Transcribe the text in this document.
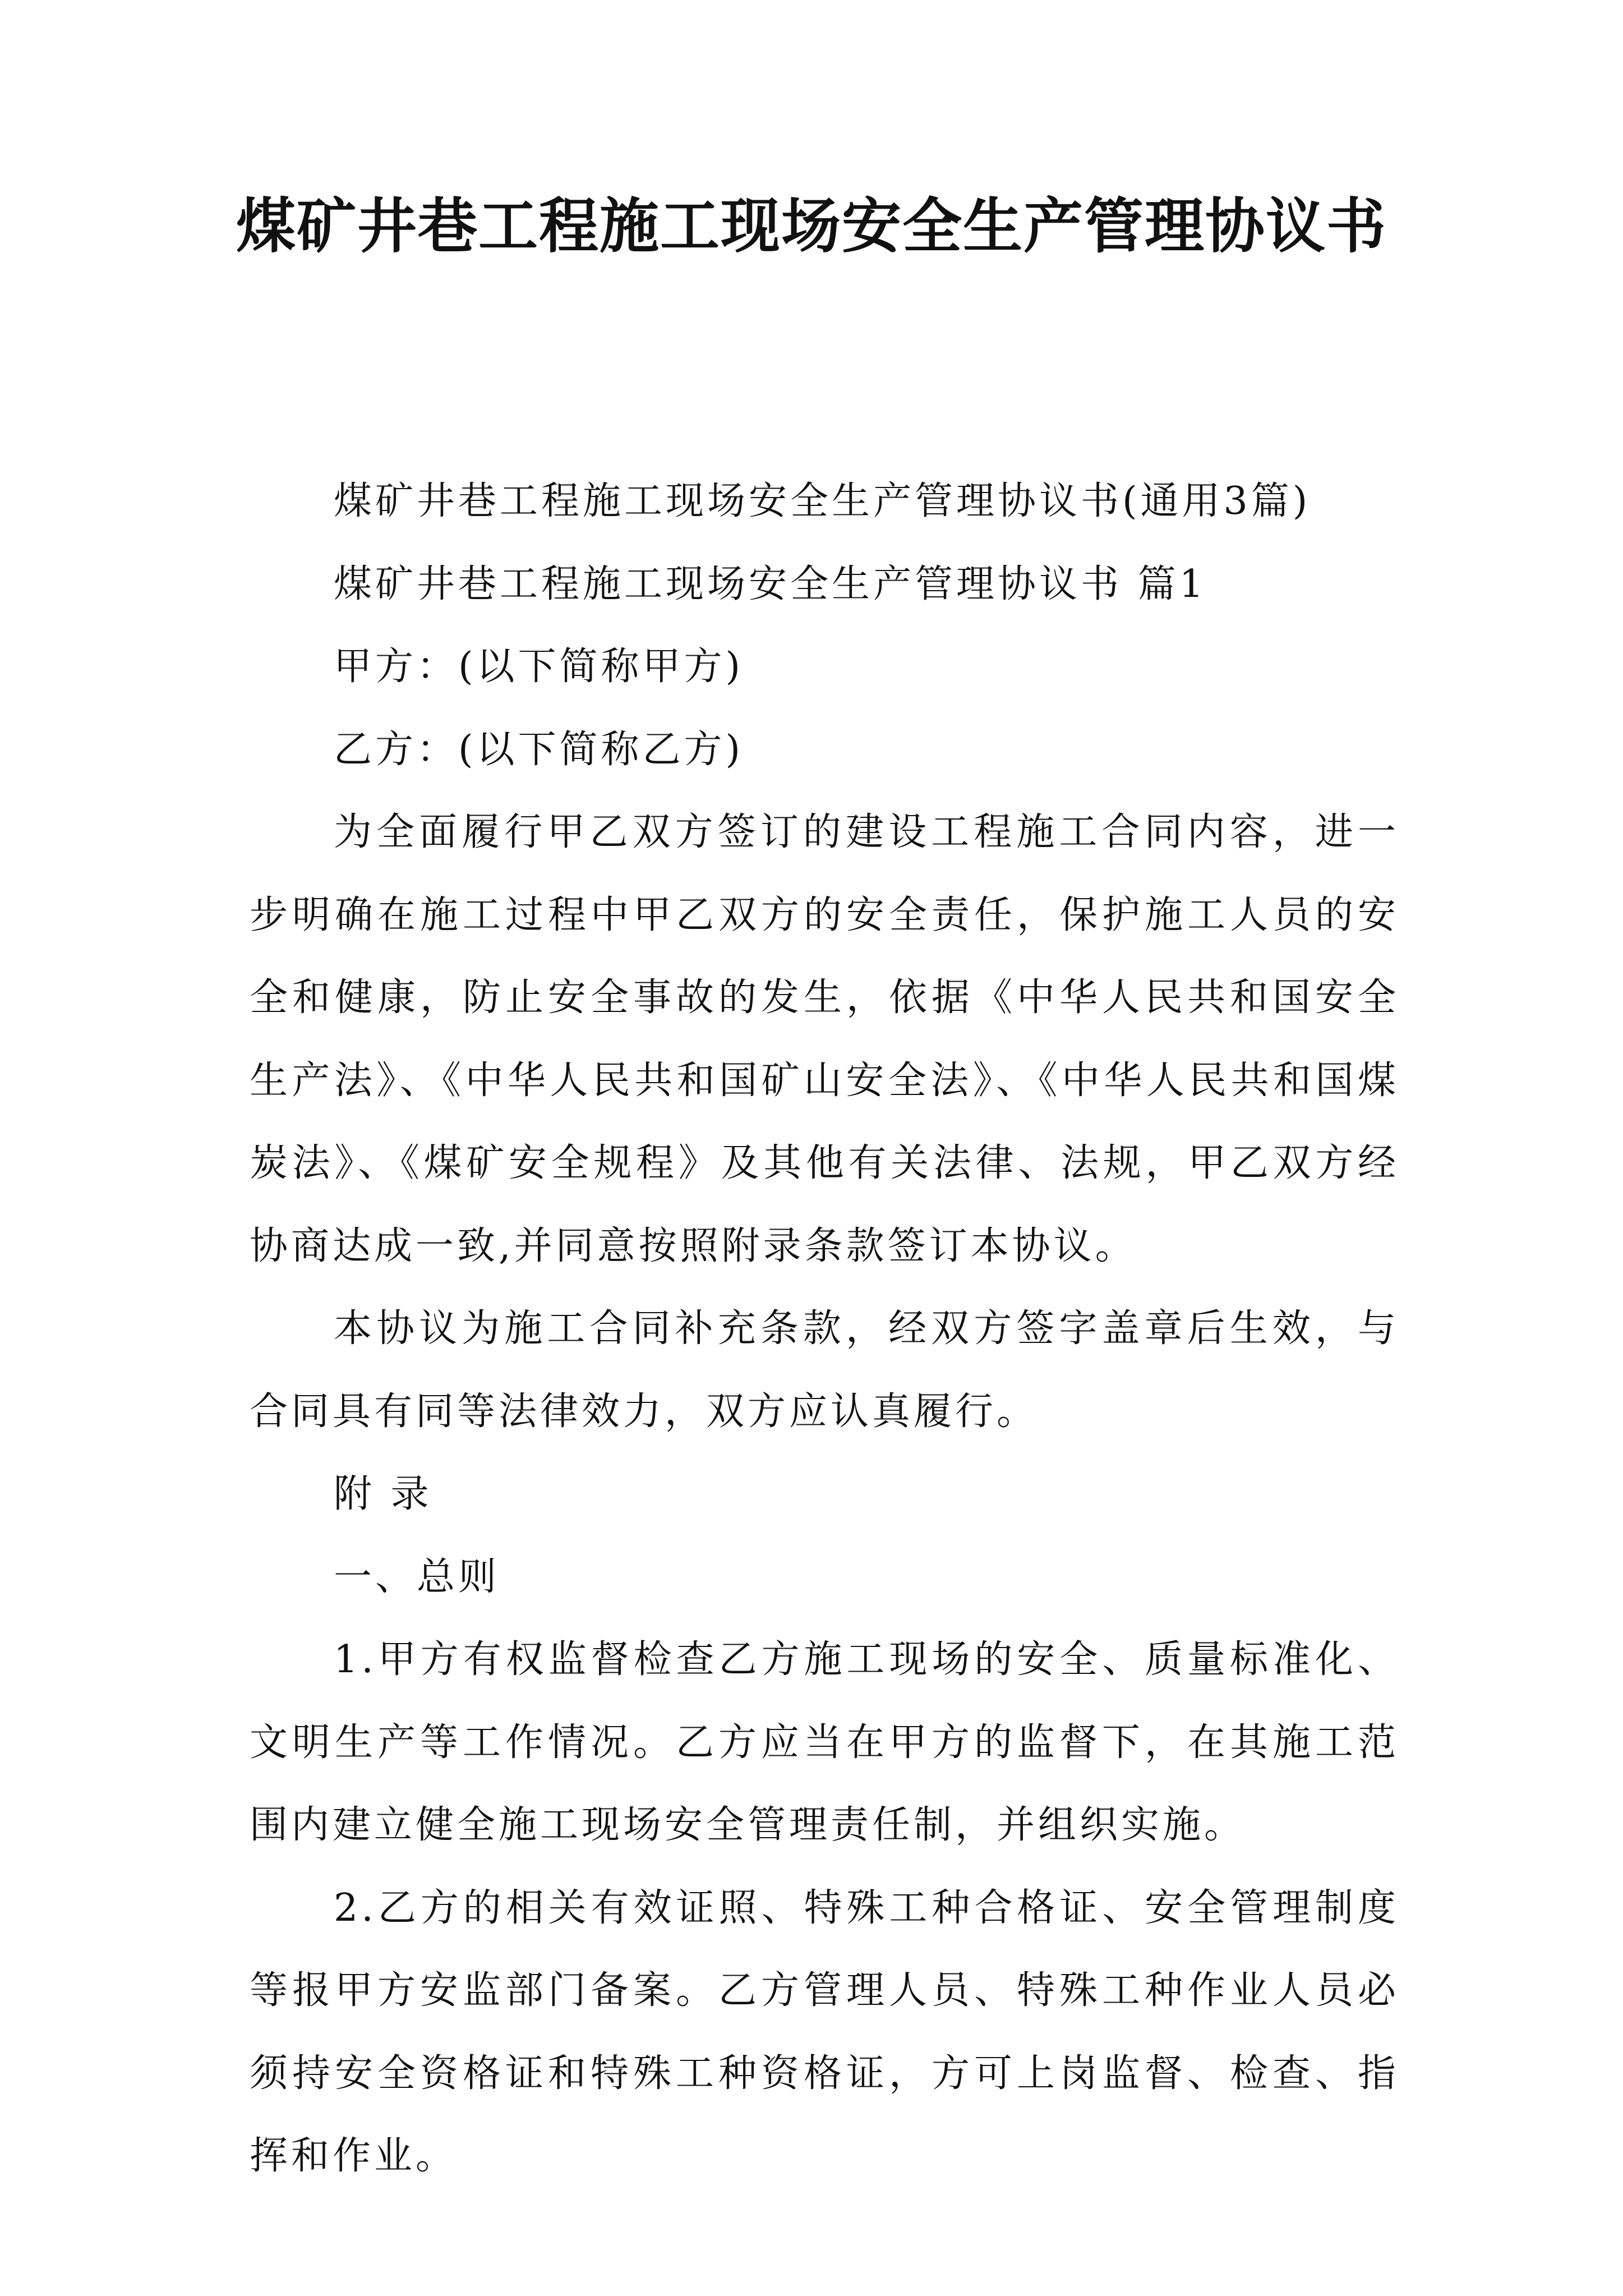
煤矿井巷工程施工现场安全生产管理协议书

煤矿井巷工程施工现场安全生产管理协议书(通用3篇)

煤矿井巷工程施工现场安全生产管理协议书 篇1

甲方：(以下简称甲方)

乙方：(以下简称乙方)

为全面履行甲乙双方签订的建设工程施工合同内容，进一步明确在施工过程中甲乙双方的安全责任，保护施工人员的安全和健康，防止安全事故的发生，依据《中华人民共和国安全生产法》、《中华人民共和国矿山安全法》、《中华人民共和国煤炭法》、《煤矿安全规程》及其他有关法律、法规，甲乙双方经协商达成一致,并同意按照附录条款签订本协议。

本协议为施工合同补充条款，经双方签字盖章后生效，与合同具有同等法律效力，双方应认真履行。

附 录

一、总则

1.甲方有权监督检查乙方施工现场的安全、质量标准化、文明生产等工作情况。乙方应当在甲方的监督下，在其施工范围内建立健全施工现场安全管理责任制，并组织实施。

2.乙方的相关有效证照、特殊工种合格证、安全管理制度等报甲方安监部门备案。乙方管理人员、特殊工种作业人员必须持安全资格证和特殊工种资格证，方可上岗监督、检查、指挥和作业。
